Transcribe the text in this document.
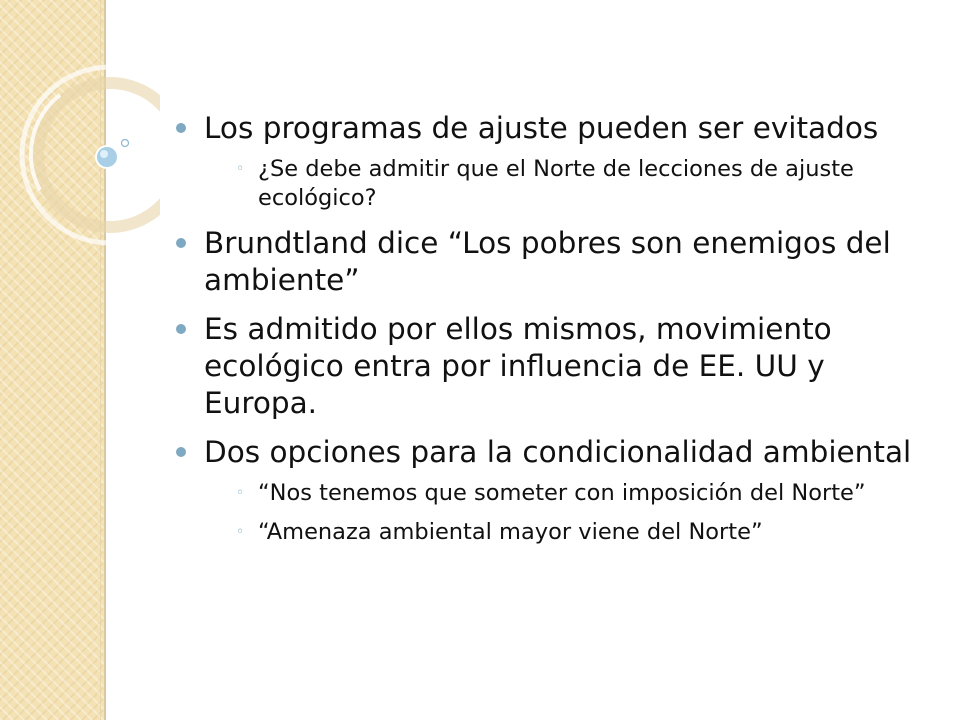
Los programas de ajuste pueden ser evitados
◦ ¿Se debe admitir que el Norte de lecciones de ajuste ecológico?
Brundtland dice “Los pobres son enemigos del ambiente”
Es admitido por ellos mismos, movimiento ecológico entra por influencia de EE. UU y Europa.
Dos opciones para la condicionalidad ambiental
◦ “Nos tenemos que someter con imposición del Norte”
◦ “Amenaza ambiental mayor viene del Norte”
